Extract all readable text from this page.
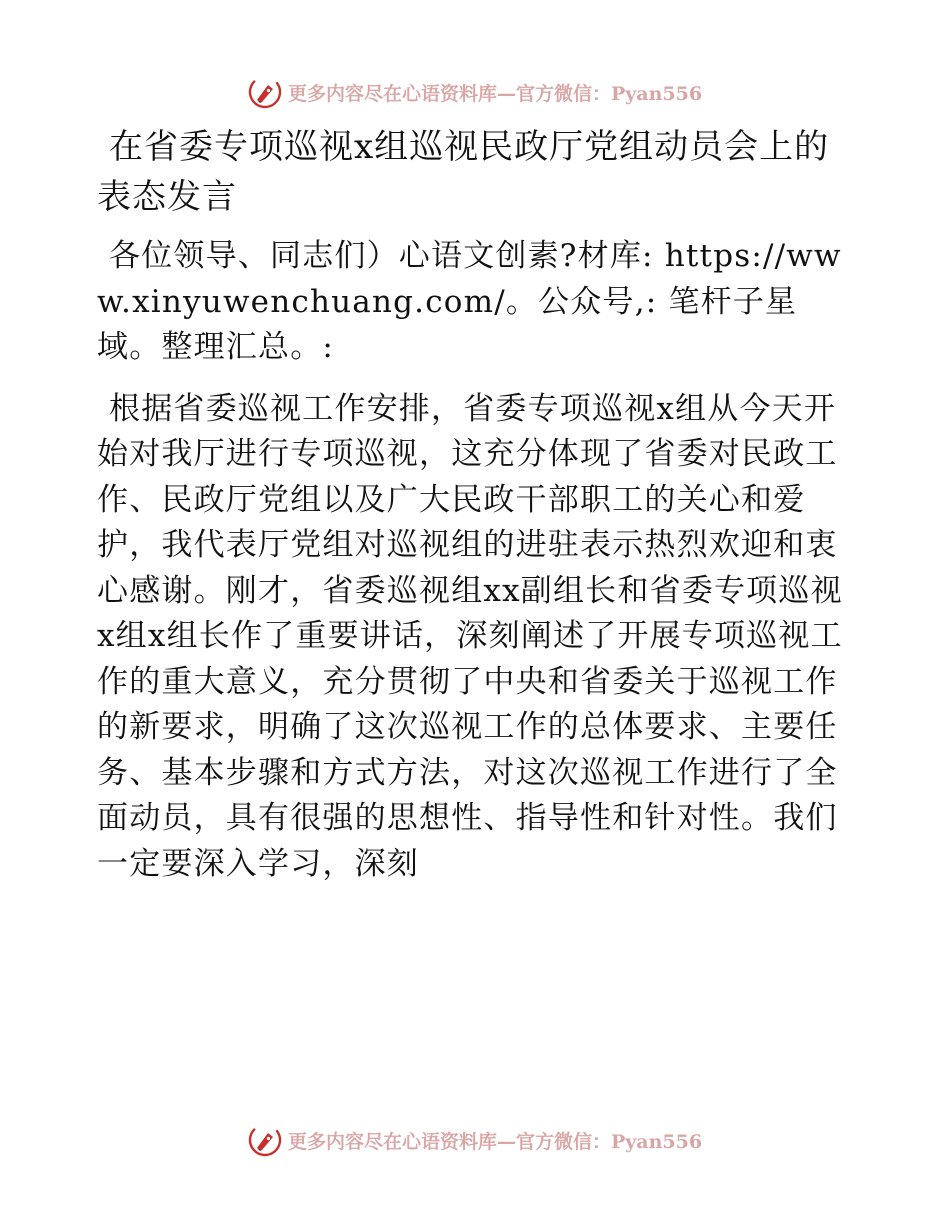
更多内容尽在心语资料库—官方微信：Pyan556
在省委专项巡视x组巡视民政厅党组动员会上的表态发言

各位领导、同志们）心语文创素?材库: https://www.xinyuwenchuang.com/。公众号,: 笔杆子星域。整理汇总。:

根据省委巡视工作安排，省委专项巡视x组从今天开始对我厅进行专项巡视，这充分体现了省委对民政工作、民政厅党组以及广大民政干部职工的关心和爱护，我代表厅党组对巡视组的进驻表示热烈欢迎和衷心感谢。刚才，省委巡视组xx副组长和省委专项巡视x组x组长作了重要讲话，深刻阐述了开展专项巡视工作的重大意义，充分贯彻了中央和省委关于巡视工作的新要求，明确了这次巡视工作的总体要求、主要任务、基本步骤和方式方法，对这次巡视工作进行了全面动员，具有很强的思想性、指导性和针对性。我们一定要深入学习，深刻

更多内容尽在心语资料库—官方微信：Pyan556
